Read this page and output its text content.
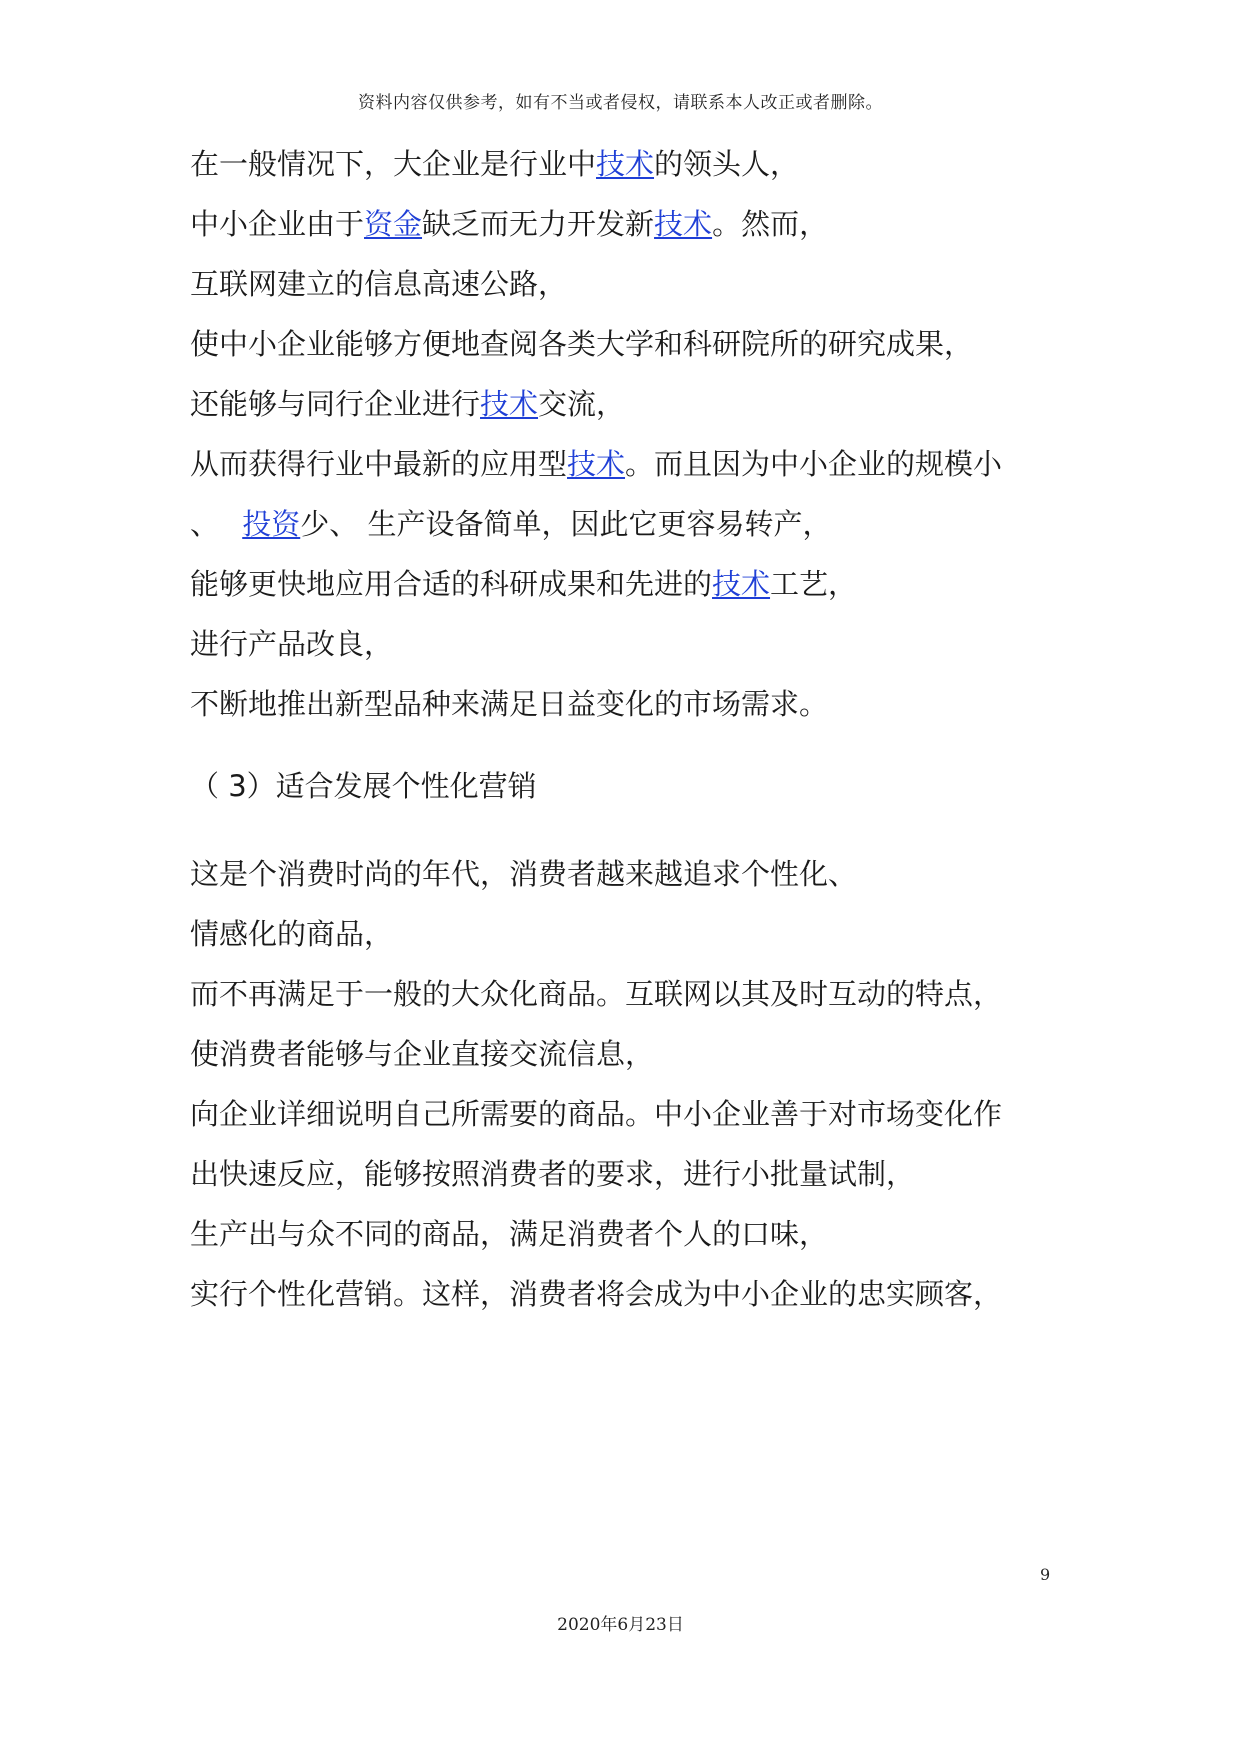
资料内容仅供参考，如有不当或者侵权，请联系本人改正或者删除。
在一般情况下，大企业是行业中技术的领头人，
中小企业由于资金缺乏而无力开发新技术。然而，
互联网建立的信息高速公路，
使中小企业能够方便地查阅各类大学和科研院所的研究成果，
还能够与同行企业进行技术交流，
从而获得行业中最新的应用型技术。而且因为中小企业的规模小
、 投资少、 生产设备简单，因此它更容易转产，
能够更快地应用合适的科研成果和先进的技术工艺，
进行产品改良，
不断地推出新型品种来满足日益变化的市场需求。
（ 3）适合发展个性化营销
这是个消费时尚的年代，消费者越来越追求个性化、
情感化的商品，
而不再满足于一般的大众化商品。互联网以其及时互动的特点，
使消费者能够与企业直接交流信息，
向企业详细说明自己所需要的商品。中小企业善于对市场变化作
出快速反应，能够按照消费者的要求，进行小批量试制，
生产出与众不同的商品，满足消费者个人的口味，
实行个性化营销。这样，消费者将会成为中小企业的忠实顾客，
9
2020年6月23日
